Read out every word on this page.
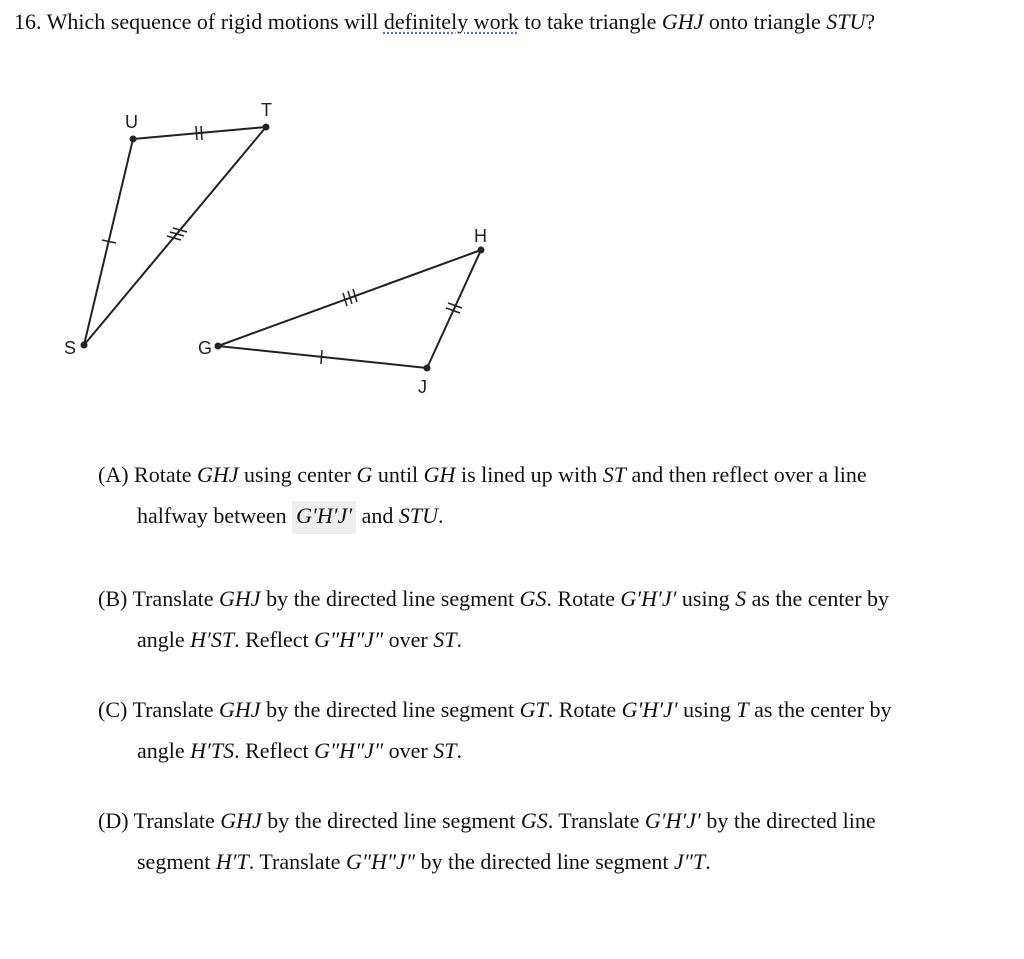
16. Which sequence of rigid motions will definitely work to take triangle GHJ onto triangle STU?
U
T
S
H
G
J
(A) Rotate GHJ using center G until GH is lined up with ST and then reflect over a line
halfway between G′H′J′ and STU.
(B) Translate GHJ by the directed line segment GS. Rotate G′H′J′ using S as the center by
angle H′ST. Reflect G″H″J″ over ST.
(C) Translate GHJ by the directed line segment GT. Rotate G′H′J′ using T as the center by
angle H′TS. Reflect G″H″J″ over ST.
(D) Translate GHJ by the directed line segment GS. Translate G′H′J′ by the directed line
segment H′T. Translate G″H″J″ by the directed line segment J″T.
